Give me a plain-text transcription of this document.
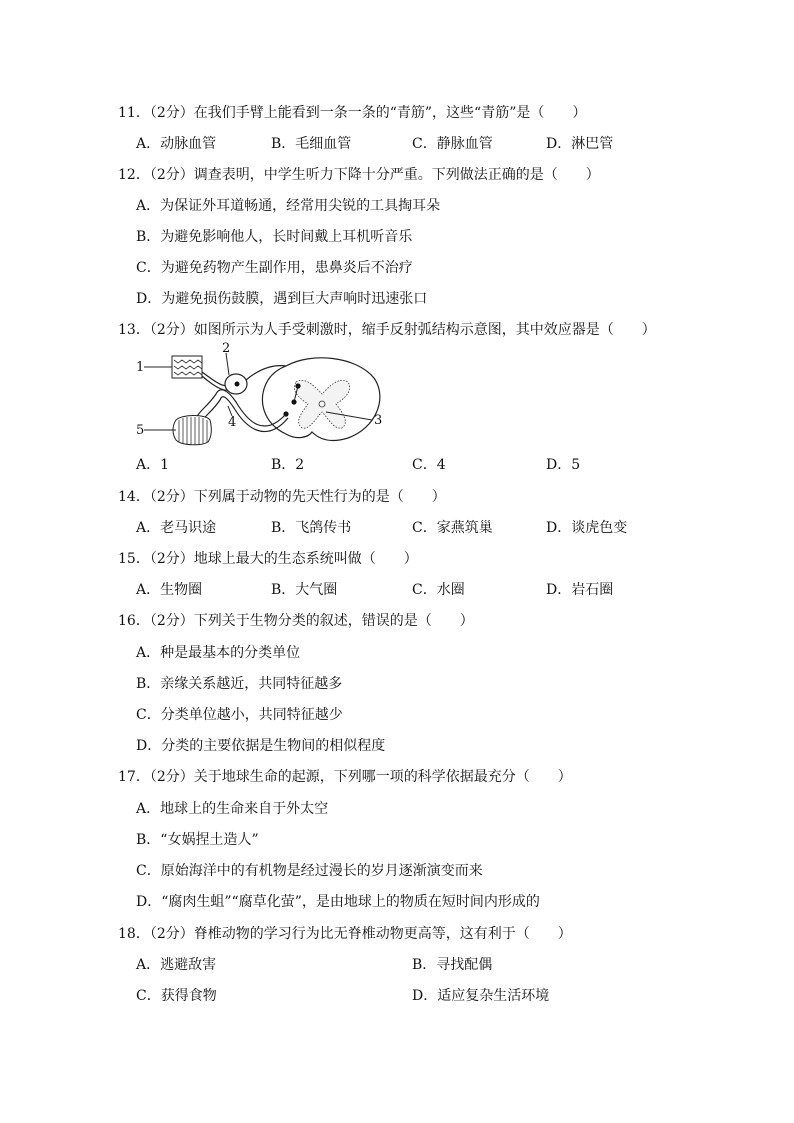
11．（2分）在我们手臂上能看到一条一条的“青筋”，这些“青筋”是（　　）
A．动脉血管	B．毛细血管	C．静脉血管	D．淋巴管
12．（2分）调查表明，中学生听力下降十分严重。下列做法正确的是（　　）
A．为保证外耳道畅通，经常用尖锐的工具掏耳朵
B．为避免影响他人，长时间戴上耳机听音乐
C．为避免药物产生副作用，患鼻炎后不治疗
D．为避免损伤鼓膜，遇到巨大声响时迅速张口
13．（2分）如图所示为人手受刺激时，缩手反射弧结构示意图，其中效应器是（　　）
1
2
3
4
5
A．1	B．2	C．4	D．5
14．（2分）下列属于动物的先天性行为的是（　　）
A．老马识途	B．飞鸽传书	C．家燕筑巢	D．谈虎色变
15．（2分）地球上最大的生态系统叫做（　　）
A．生物圈	B．大气圈	C．水圈	D．岩石圈
16．（2分）下列关于生物分类的叙述，错误的是（　　）
A．种是最基本的分类单位
B．亲缘关系越近，共同特征越多
C．分类单位越小，共同特征越少
D．分类的主要依据是生物间的相似程度
17．（2分）关于地球生命的起源，下列哪一项的科学依据最充分（　　）
A．地球上的生命来自于外太空
B．“女娲捏土造人”
C．原始海洋中的有机物是经过漫长的岁月逐渐演变而来
D．“腐肉生蛆”“腐草化萤”，是由地球上的物质在短时间内形成的
18．（2分）脊椎动物的学习行为比无脊椎动物更高等，这有利于（　　）
A．逃避敌害	B．寻找配偶
C．获得食物	D．适应复杂生活环境
